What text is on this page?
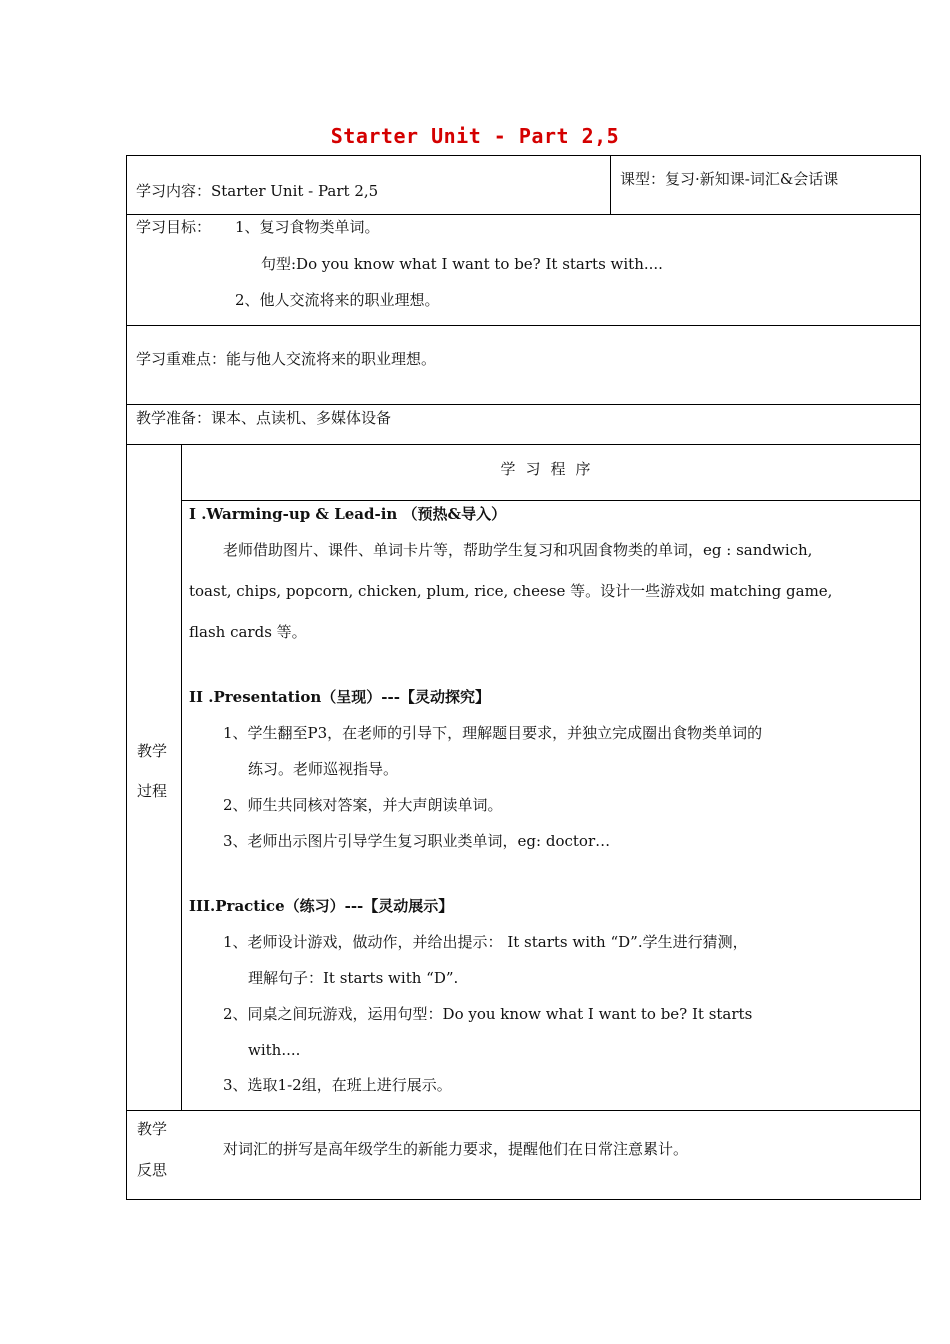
Starter Unit - Part 2,5
学习内容：Starter Unit - Part 2,5
课型：复习·新知课-词汇&会话课
学习目标： 1、复习食物类单词。
句型:Do you know what I want to be? It starts with....
2、他人交流将来的职业理想。
学习重难点：能与他人交流将来的职业理想。
教学准备：课本、点读机、多媒体设备
教学
过程
学习程序
I .Warming-up & Lead-in （预热&导入）
老师借助图片、课件、单词卡片等，帮助学生复习和巩固食物类的单词，eg : sandwich,
toast, chips, popcorn, chicken, plum, rice, cheese 等。设计一些游戏如 matching game,
flash cards 等。
II .Presentation（呈现）---【灵动探究】
1、学生翻至P3，在老师的引导下，理解题目要求，并独立完成圈出食物类单词的
练习。老师巡视指导。
2、师生共同核对答案，并大声朗读单词。
3、老师出示图片引导学生复习职业类单词，eg: doctor…
III.Practice（练习）---【灵动展示】
1、老师设计游戏，做动作，并给出提示： It starts with “D”.学生进行猜测，
理解句子：It starts with “D”.
2、同桌之间玩游戏，运用句型：Do you know what I want to be? It starts
with....
3、选取1-2组，在班上进行展示。
教学
反思
对词汇的拼写是高年级学生的新能力要求，提醒他们在日常注意累计。
